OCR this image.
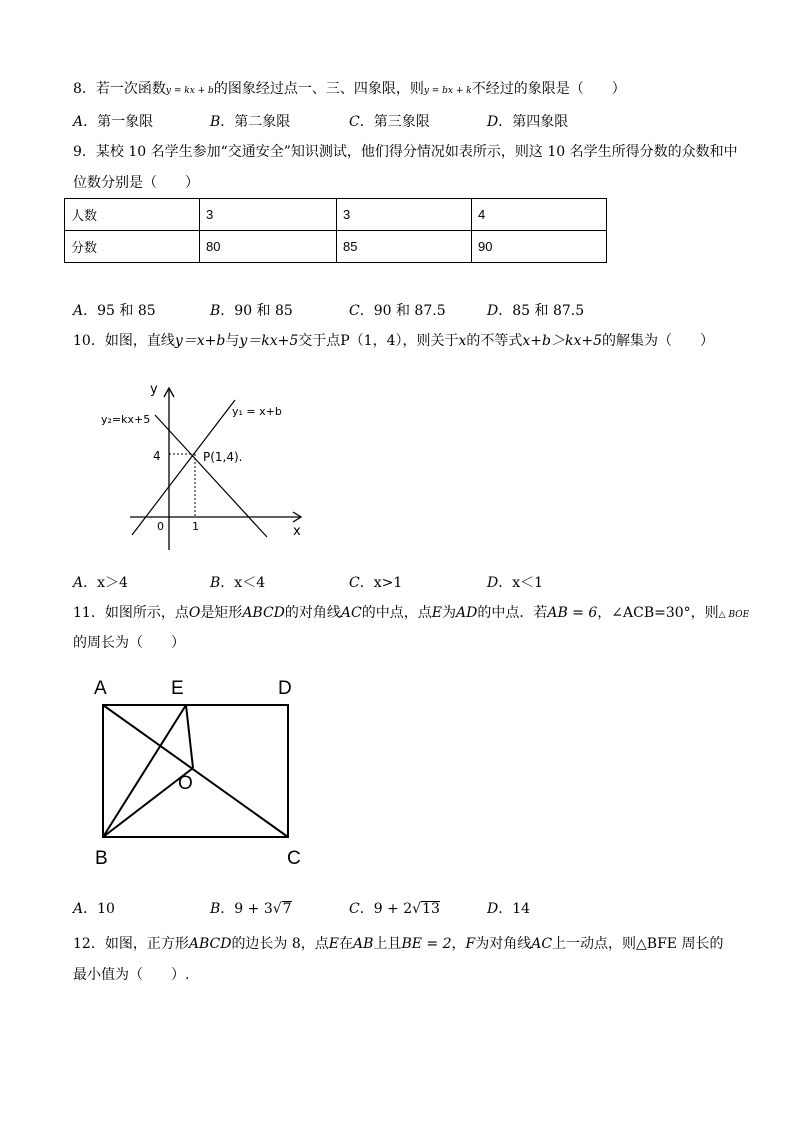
8．若一次函数y = kx + b的图象经过点一、三、四象限，则y = bx + k不经过的象限是（　　）
A．第一象限	B．第二象限	C．第三象限	D．第四象限
9．某校 10 名学生参加“交通安全”知识测试，他们得分情况如表所示，则这 10 名学生所得分数的众数和中
位数分别是（　　）
人数	3	3	4
分数	80	85	90
A．95 和 85	B．90 和 85	C．90 和 87.5	D．85 和 87.5
10．如图，直线y＝x+b与y＝kx+5交于点P（1，4），则关于x的不等式x+b＞kx+5的解集为（　　）
y
x
0
4
1
y₁ = x+b
y₂=kx+5
P(1,4).
A．x＞4	B．x＜4	C．x>1	D．x＜1
11．如图所示，点O是矩形ABCD的对角线AC的中点，点E为AD的中点．若AB = 6，∠ACB=30°，则△ BOE
的周长为（　　）
A	E	D
O
B	C
A．10	B．9 + 3√7	C．9 + 2√13	D．14
12．如图，正方形ABCD的边长为 8，点E在AB上且BE = 2，F为对角线AC上一动点，则△BFE 周长的
最小值为（　　）.
